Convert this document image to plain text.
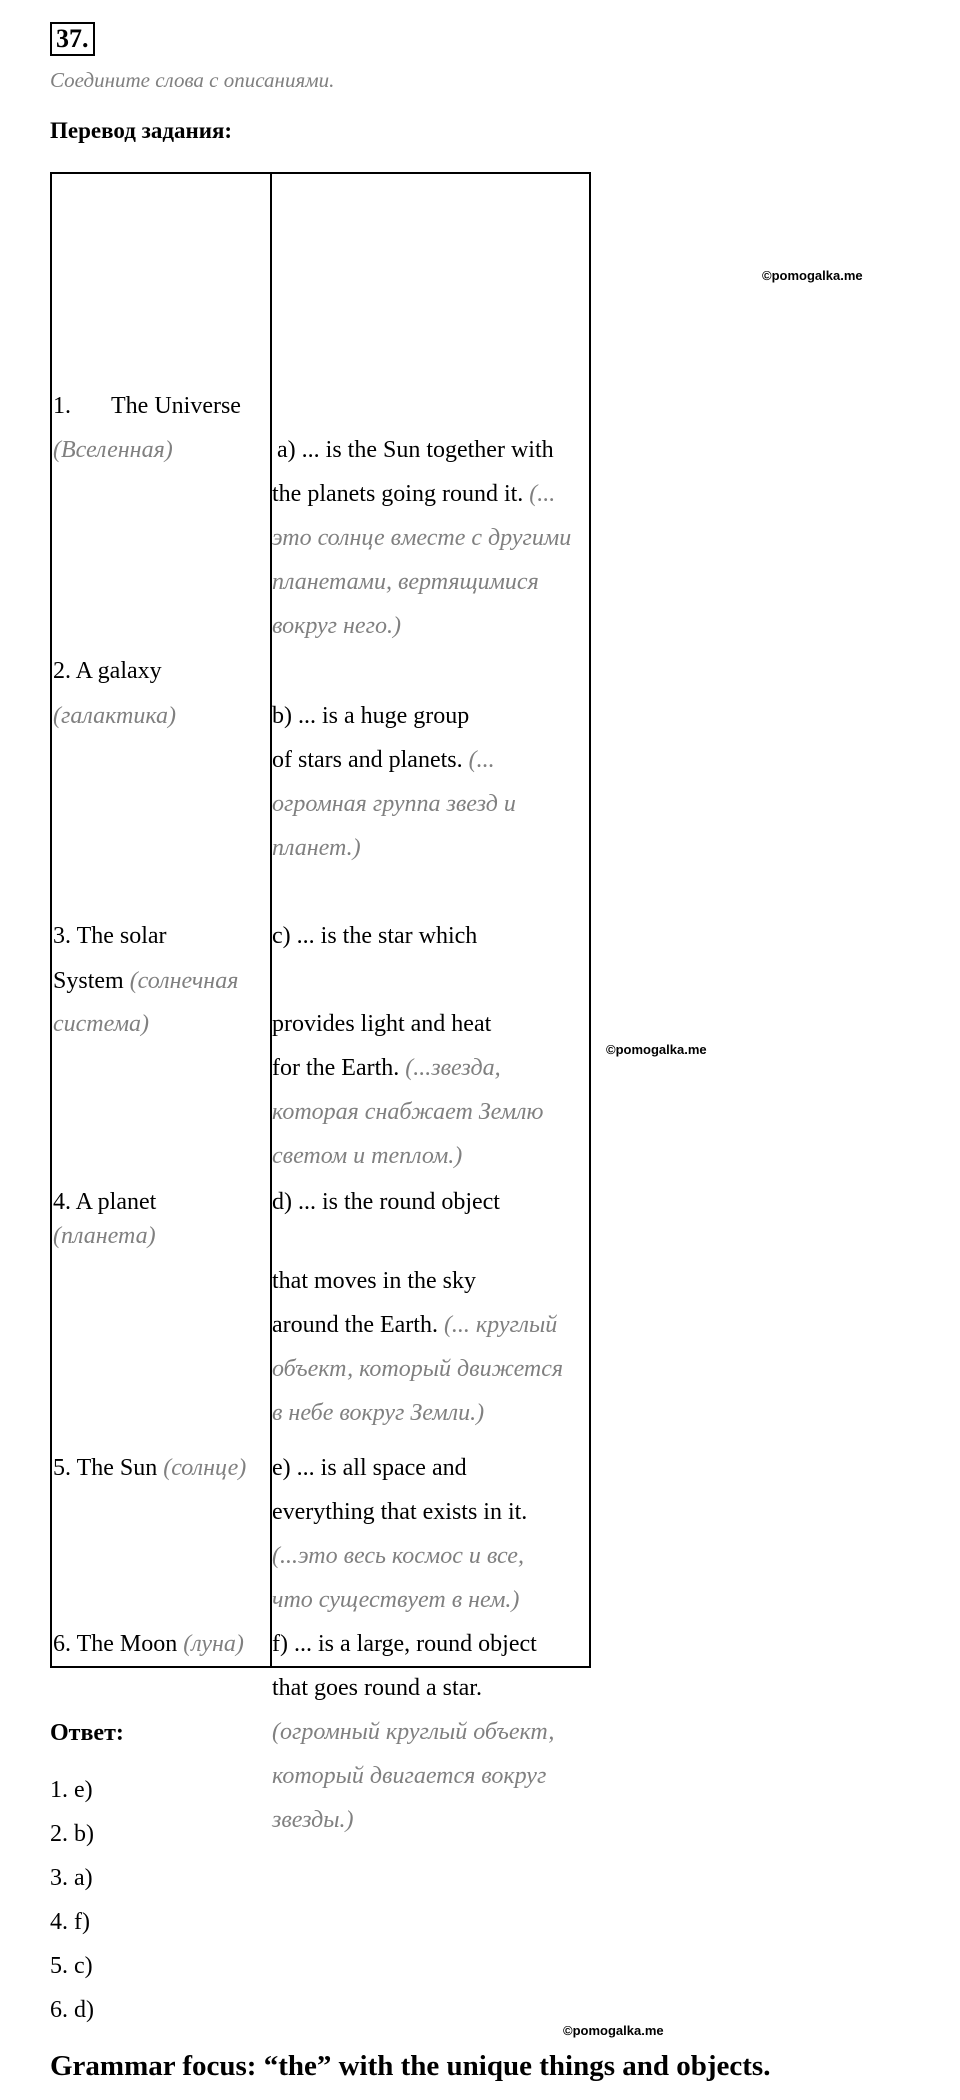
37.
Соедините слова с описаниями.
Перевод задания:
1. The Universe
(Вселенная)
2. A galaxy
(галактика)
3. The solar
System (солнечная
система)
4. A planet
(планета)
5. The Sun (солнце)
6. The Moon (луна)
a) ... is the Sun together with
the planets going round it. (...
это солнце вместе с другими
планетами, вертящимися
вокруг него.)
b) ... is a huge group
of stars and planets. (...
огромная группа звезд и
планет.)
c) ... is the star which
provides light and heat
for the Earth. (...звезда,
которая снабжает Землю
светом и теплом.)
d) ... is the round object
that moves in the sky
around the Earth. (... круглый
объект, который движется
в небе вокруг Земли.)
e) ... is all space and
everything that exists in it.
(...это весь космос и все,
что существует в нем.)
f) ... is a large, round object
that goes round a star.
(огромный круглый объект,
который двигается вокруг
звезды.)
©pomogalka.me
©pomogalka.me
©pomogalka.me
Ответ:
1. e)
2. b)
3. a)
4. f)
5. c)
6. d)
Grammar focus: “the” with the unique things and objects.
